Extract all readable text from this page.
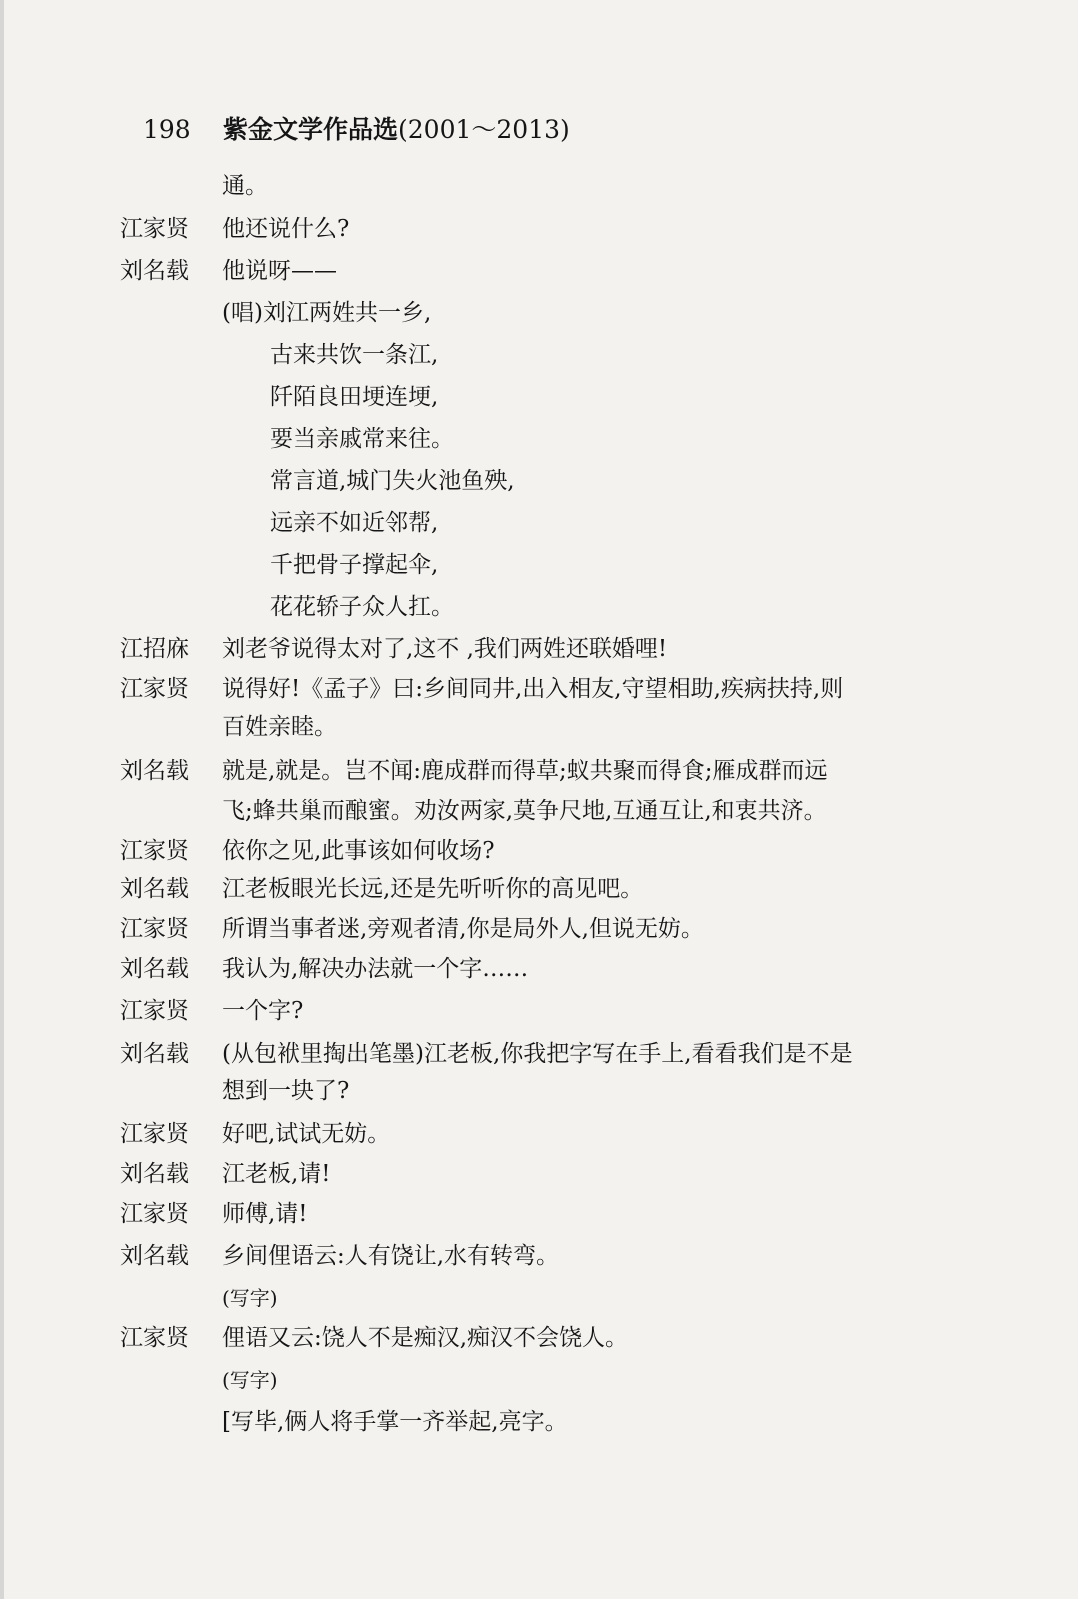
198 紫金文学作品选(2001～2013)
通。
江家贤 他还说什么?
刘名载 他说呀——
(唱)刘江两姓共一乡,
古来共饮一条江,
阡陌良田埂连埂,
要当亲戚常来往。
常言道,城门失火池鱼殃,
远亲不如近邻帮,
千把骨子撑起伞,
花花轿子众人扛。
江招庥 刘老爷说得太对了,这不 ,我们两姓还联婚哩!
江家贤 说得好!《孟子》曰:乡间同井,出入相友,守望相助,疾病扶持,则
百姓亲睦。
刘名载 就是,就是。岂不闻:鹿成群而得草;蚁共聚而得食;雁成群而远
飞;蜂共巢而酿蜜。劝汝两家,莫争尺地,互通互让,和衷共济。
江家贤 依你之见,此事该如何收场?
刘名载 江老板眼光长远,还是先听听你的高见吧。
江家贤 所谓当事者迷,旁观者清,你是局外人,但说无妨。
刘名载 我认为,解决办法就一个字……
江家贤 一个字?
刘名载 (从包袱里掏出笔墨)江老板,你我把字写在手上,看看我们是不是
想到一块了?
江家贤 好吧,试试无妨。
刘名载 江老板,请!
江家贤 师傅,请!
刘名载 乡间俚语云:人有饶让,水有转弯。
(写字)
江家贤 俚语又云:饶人不是痴汉,痴汉不会饶人。
(写字)
[写毕,俩人将手掌一齐举起,亮字。
